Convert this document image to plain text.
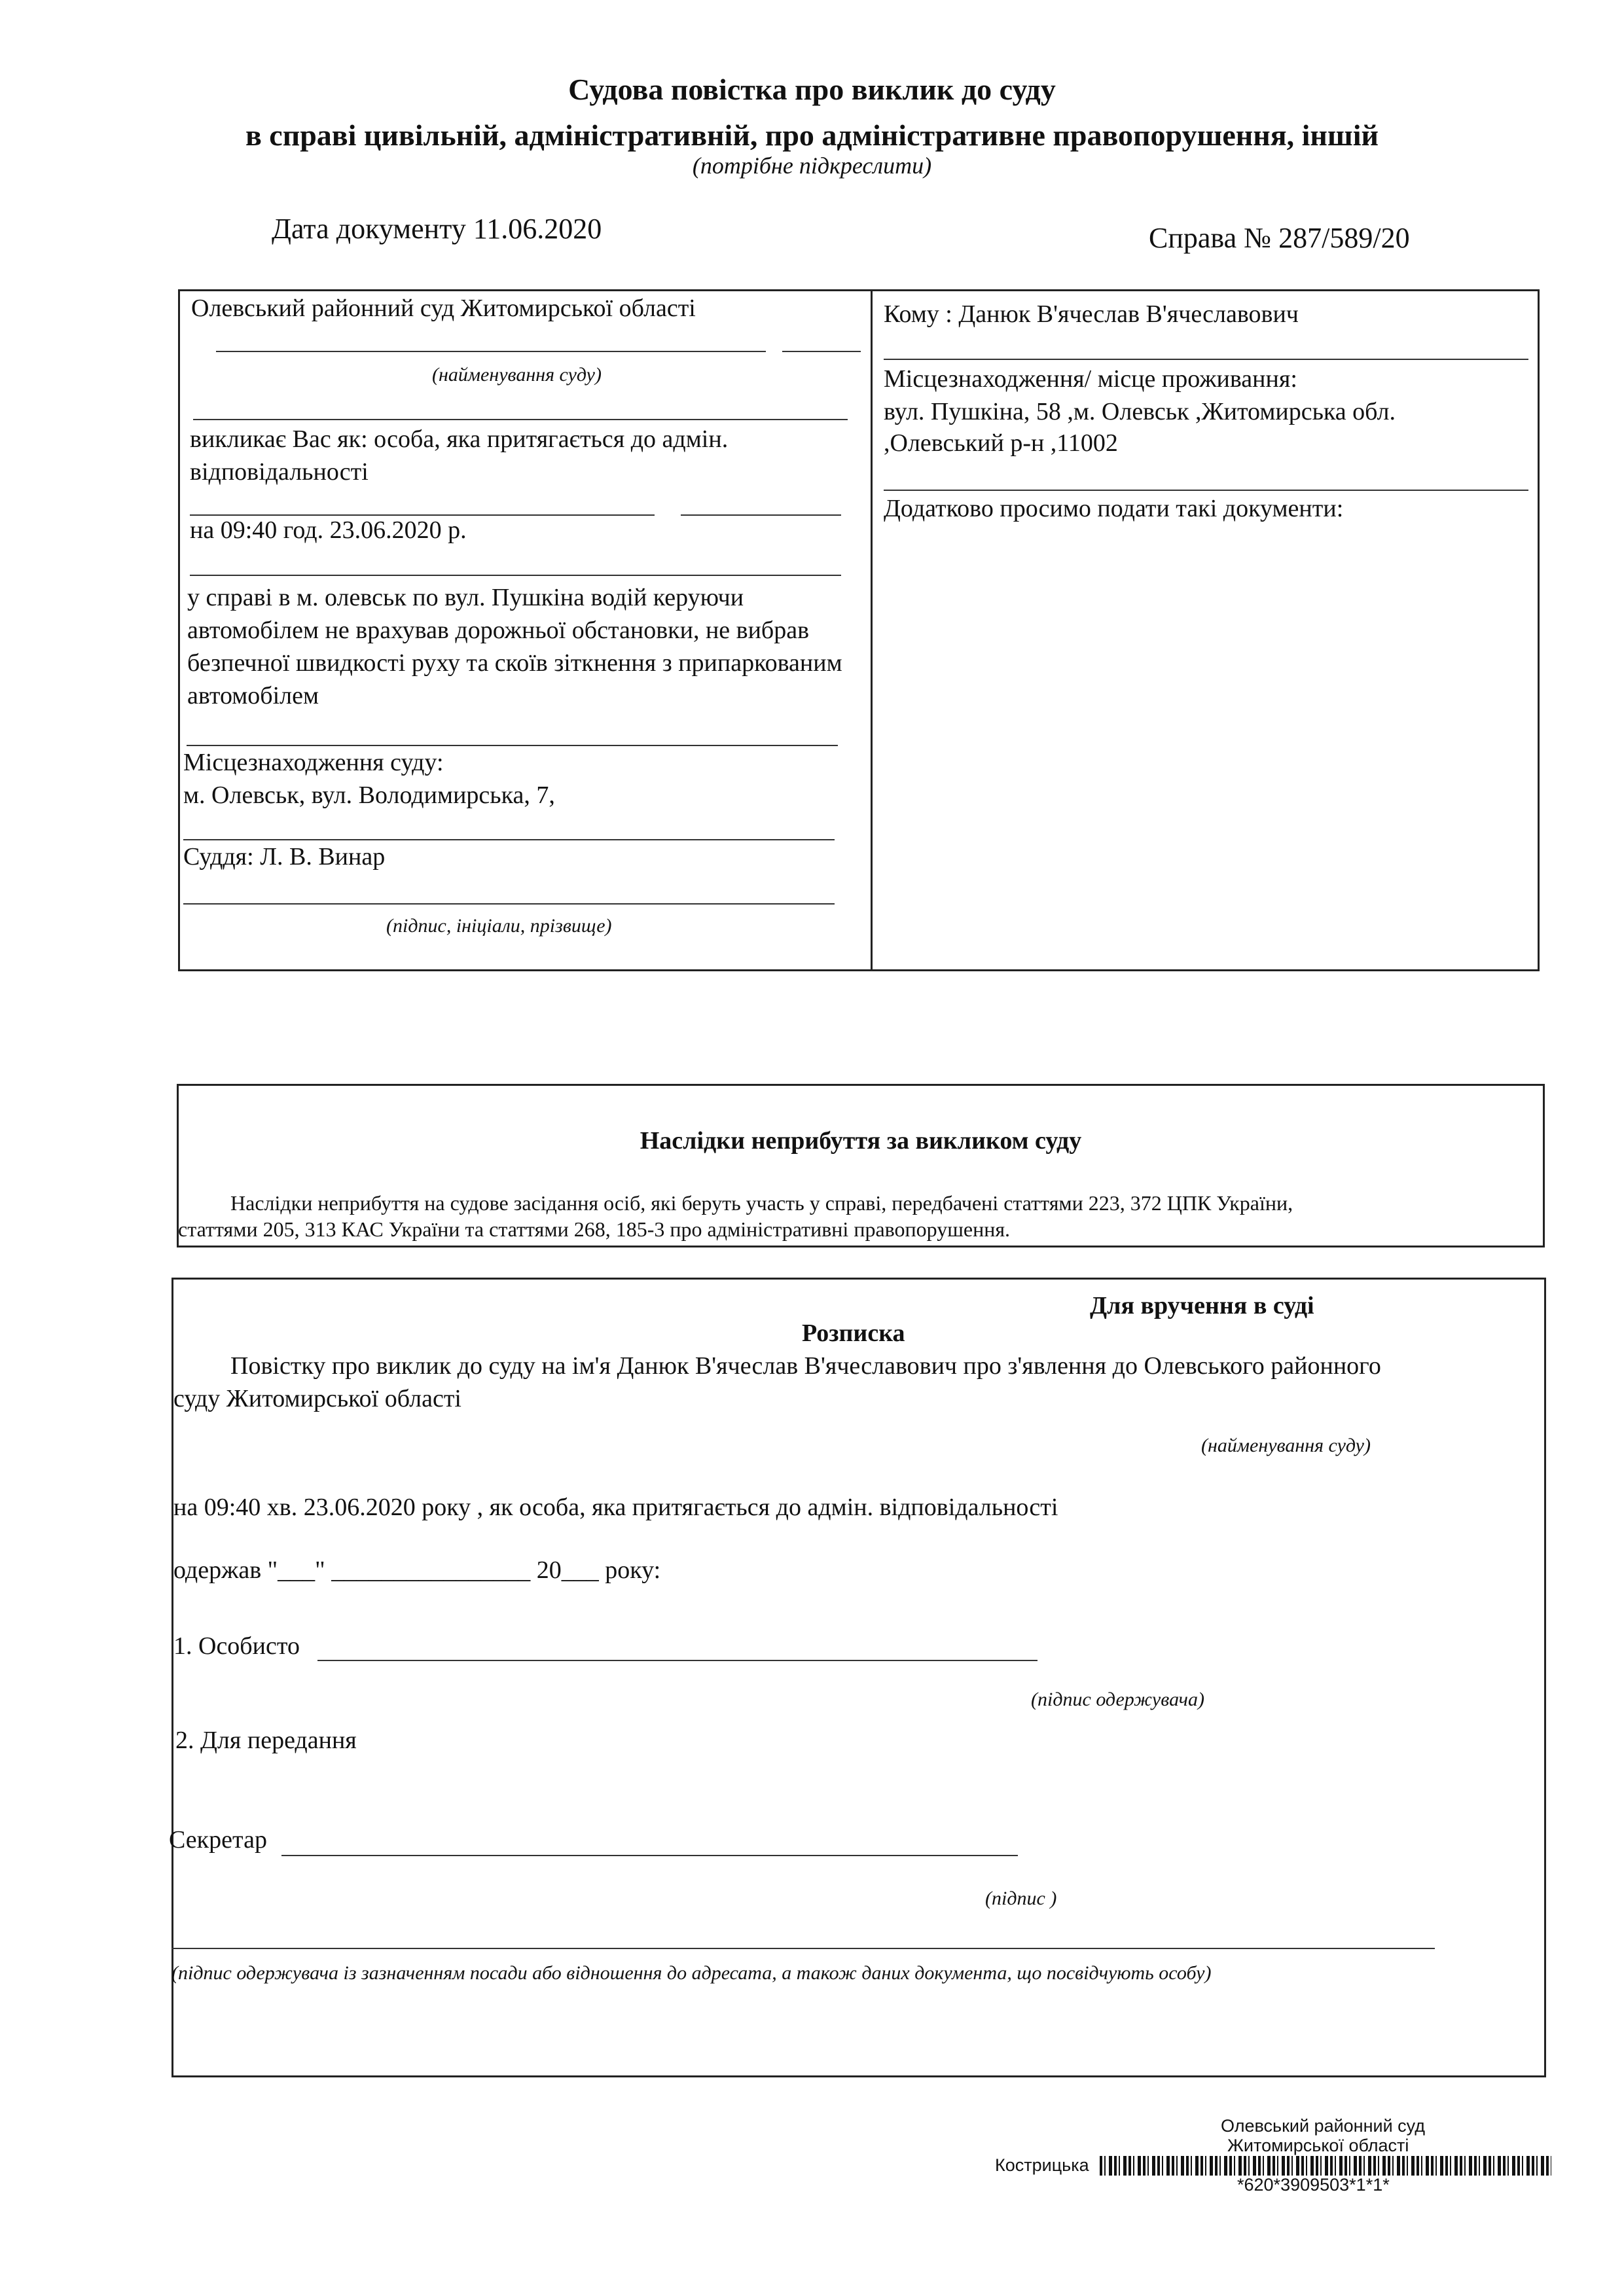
Судова повістка про виклик до суду
в справі цивільній, адміністративній, про адміністративне правопорушення, іншій
(потрібне підкреслити)
Дата документу 11.06.2020	Справа № 287/589/20
Олевський районний суд Житомирської області
(найменування суду)
викликає Вас як: особа, яка притягається до адмін. відповідальності
на 09:40 год. 23.06.2020 р.
у справі в м. олевськ по вул. Пушкіна водій керуючи автомобілем не врахував дорожньої обстановки, не вибрав безпечної швидкості руху та скоїв зіткнення з припаркованим автомобілем
Місцезнаходження суду:
м. Олевськ, вул. Володимирська, 7,
Суддя: Л. В. Винар
(підпис, ініціали, прізвище)
Кому : Данюк В'ячеслав В'ячеславович
Місцезнаходження/ місце проживання:
вул. Пушкіна, 58 ,м. Олевськ ,Житомирська обл.
,Олевський р-н ,11002
Додатково просимо подати такі документи:
Наслідки неприбуття за викликом суду
Наслідки неприбуття на судове засідання осіб, які беруть участь у справі, передбачені статтями 223, 372 ЦПК України,
статтями 205, 313 КАС України та статтями 268, 185-3 про адміністративні правопорушення.
Для вручення в суді
Розписка
Повістку про виклик до суду на ім'я Данюк В'ячеслав В'ячеславович про з'явлення до Олевського районного
суду Житомирської області
(найменування суду)
на 09:40 хв. 23.06.2020 року , як особа, яка притягається до адмін. відповідальності
одержав "___" ________________ 20___ року:
1. Особисто
(підпис одержувача)
2. Для передання
Секретар
(підпис )
(підпис одержувача із зазначенням посади або відношення до адресата, а також даних документа, що посвідчують особу)
Олевський районний суд
Житомирської області
Кострицька
*620*3909503*1*1*
